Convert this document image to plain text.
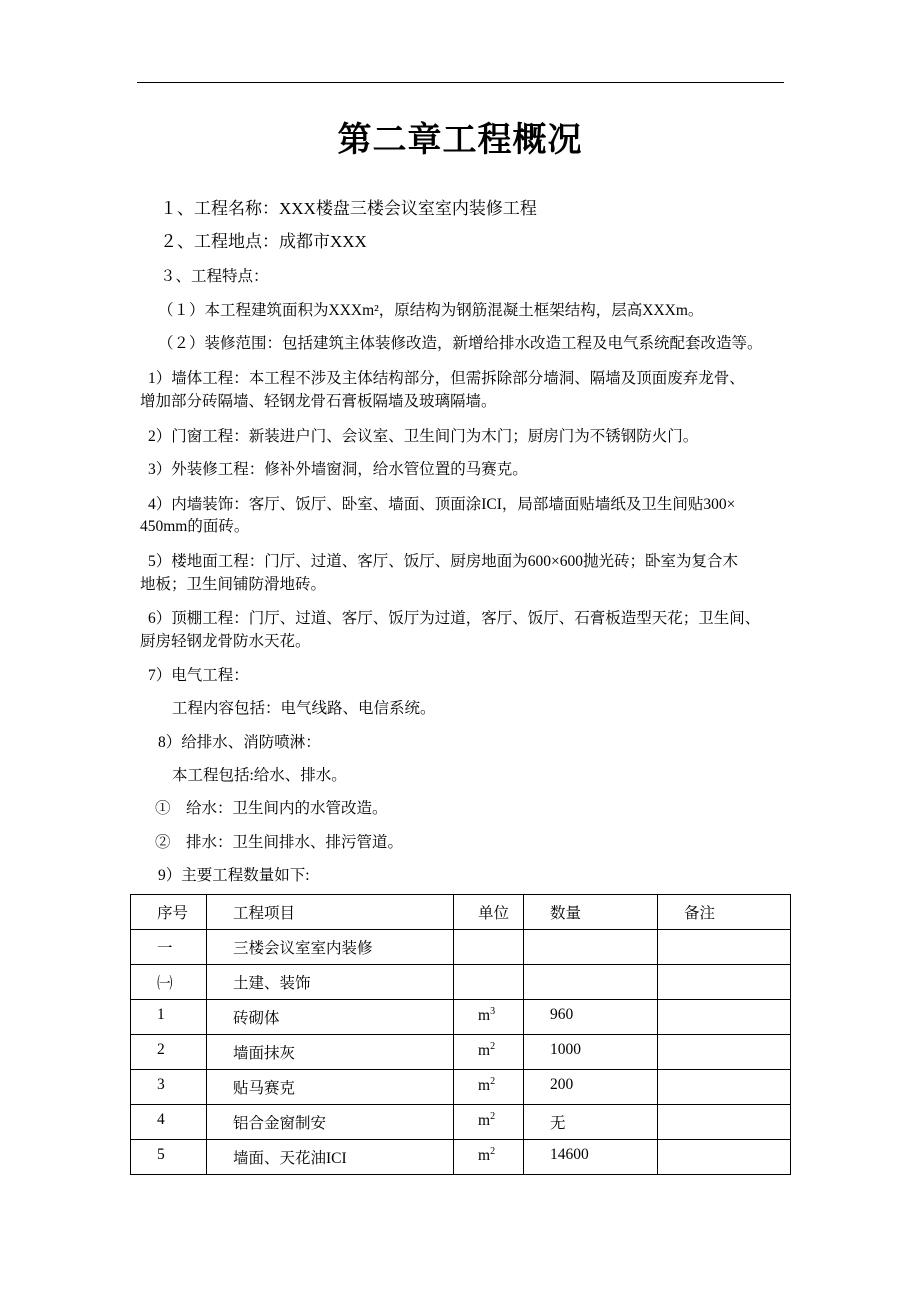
第二章工程概况
１、工程名称：XXX楼盘三楼会议室室内装修工程
２、工程地点：成都市XXX
３、工程特点：
（１）本工程建筑面积为XXXm²，原结构为钢筋混凝土框架结构，层高XXXm。
（２）装修范围：包括建筑主体装修改造，新增给排水改造工程及电气系统配套改造等。
1）墙体工程：本工程不涉及主体结构部分，但需拆除部分墙洞、隔墙及顶面废弃龙骨、
增加部分砖隔墙、轻钢龙骨石膏板隔墙及玻璃隔墙。
2）门窗工程：新装进户门、会议室、卫生间门为木门；厨房门为不锈钢防火门。
3）外装修工程：修补外墙窗洞，给水管位置的马赛克。
4）内墙装饰：客厅、饭厅、卧室、墙面、顶面涂ICI，局部墙面贴墙纸及卫生间贴300×
450mm的面砖。
5）楼地面工程：门厅、过道、客厅、饭厅、厨房地面为600×600抛光砖；卧室为复合木
地板；卫生间铺防滑地砖。
6）顶棚工程：门厅、过道、客厅、饭厅为过道，客厅、饭厅、石膏板造型天花；卫生间、
厨房轻钢龙骨防水天花。
7）电气工程：
工程内容包括：电气线路、电信系统。
8）给排水、消防喷淋：
本工程包括:给水、排水。
①　给水：卫生间内的水管改造。
②　排水：卫生间排水、排污管道。
9）主要工程数量如下:
序号	工程项目	单位	数量	备注

一	三楼会议室室内装修			

㈠	土建、装饰			

1	砖砌体	$m^3$	960	

2	墙面抹灰	$m^2$	1000	

3	贴马赛克	$m^2$	200	

4	铝合金窗制安	$m^2$	无	

5	墙面、天花油ICI	$m^2$	14600	
